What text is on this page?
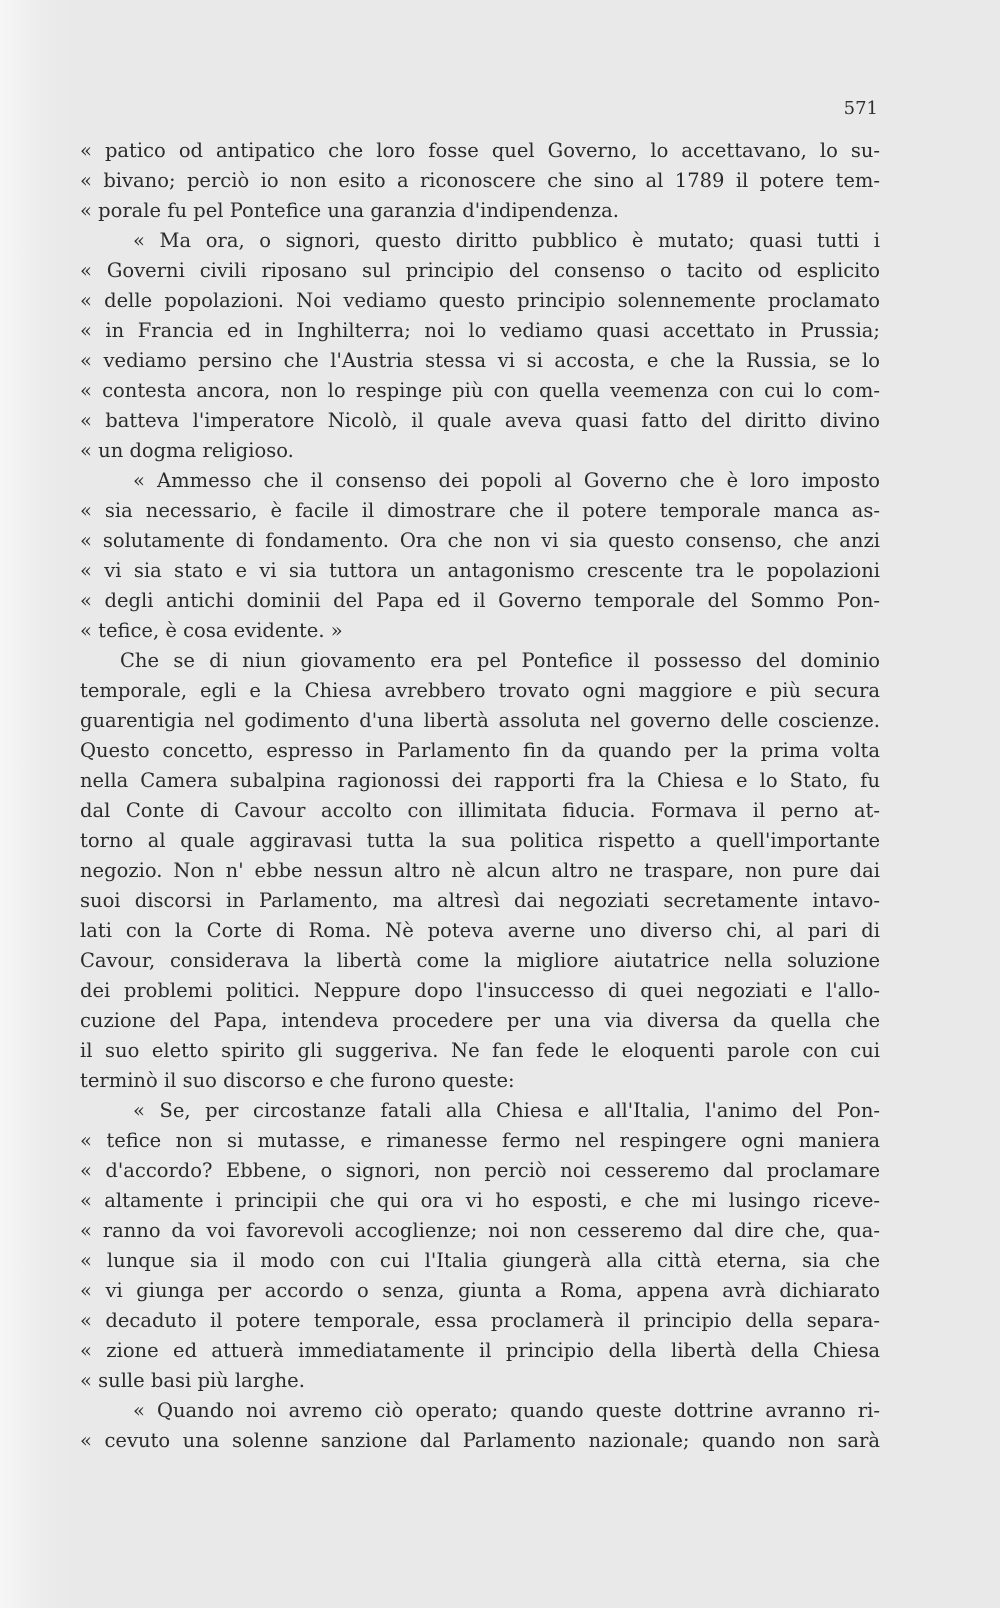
571
« patico od antipatico che loro fosse quel Governo, lo accettavano, lo su-
« bivano; perciò io non esito a riconoscere che sino al 1789 il potere tem-
« porale fu pel Pontefice una garanzia d'indipendenza.
« Ma ora, o signori, questo diritto pubblico è mutato; quasi tutti i
« Governi civili riposano sul principio del consenso o tacito od esplicito
« delle popolazioni. Noi vediamo questo principio solennemente proclamato
« in Francia ed in Inghilterra; noi lo vediamo quasi accettato in Prussia;
« vediamo persino che l'Austria stessa vi si accosta, e che la Russia, se lo
« contesta ancora, non lo respinge più con quella veemenza con cui lo com-
« batteva l'imperatore Nicolò, il quale aveva quasi fatto del diritto divino
« un dogma religioso.
« Ammesso che il consenso dei popoli al Governo che è loro imposto
« sia necessario, è facile il dimostrare che il potere temporale manca as-
« solutamente di fondamento. Ora che non vi sia questo consenso, che anzi
« vi sia stato e vi sia tuttora un antagonismo crescente tra le popolazioni
« degli antichi dominii del Papa ed il Governo temporale del Sommo Pon-
« tefice, è cosa evidente. »
Che se di niun giovamento era pel Pontefice il possesso del dominio
temporale, egli e la Chiesa avrebbero trovato ogni maggiore e più secura
guarentigia nel godimento d'una libertà assoluta nel governo delle coscienze.
Questo concetto, espresso in Parlamento fin da quando per la prima volta
nella Camera subalpina ragionossi dei rapporti fra la Chiesa e lo Stato, fu
dal Conte di Cavour accolto con illimitata fiducia. Formava il perno at-
torno al quale aggiravasi tutta la sua politica rispetto a quell'importante
negozio. Non n' ebbe nessun altro nè alcun altro ne traspare, non pure dai
suoi discorsi in Parlamento, ma altresì dai negoziati secretamente intavo-
lati con la Corte di Roma. Nè poteva averne uno diverso chi, al pari di
Cavour, considerava la libertà come la migliore aiutatrice nella soluzione
dei problemi politici. Neppure dopo l'insuccesso di quei negoziati e l'allo-
cuzione del Papa, intendeva procedere per una via diversa da quella che
il suo eletto spirito gli suggeriva. Ne fan fede le eloquenti parole con cui
terminò il suo discorso e che furono queste:
« Se, per circostanze fatali alla Chiesa e all'Italia, l'animo del Pon-
« tefice non si mutasse, e rimanesse fermo nel respingere ogni maniera
« d'accordo? Ebbene, o signori, non perciò noi cesseremo dal proclamare
« altamente i principii che qui ora vi ho esposti, e che mi lusingo riceve-
« ranno da voi favorevoli accoglienze; noi non cesseremo dal dire che, qua-
« lunque sia il modo con cui l'Italia giungerà alla città eterna, sia che
« vi giunga per accordo o senza, giunta a Roma, appena avrà dichiarato
« decaduto il potere temporale, essa proclamerà il principio della separa-
« zione ed attuerà immediatamente il principio della libertà della Chiesa
« sulle basi più larghe.
« Quando noi avremo ciò operato; quando queste dottrine avranno ri-
« cevuto una solenne sanzione dal Parlamento nazionale; quando non sarà
